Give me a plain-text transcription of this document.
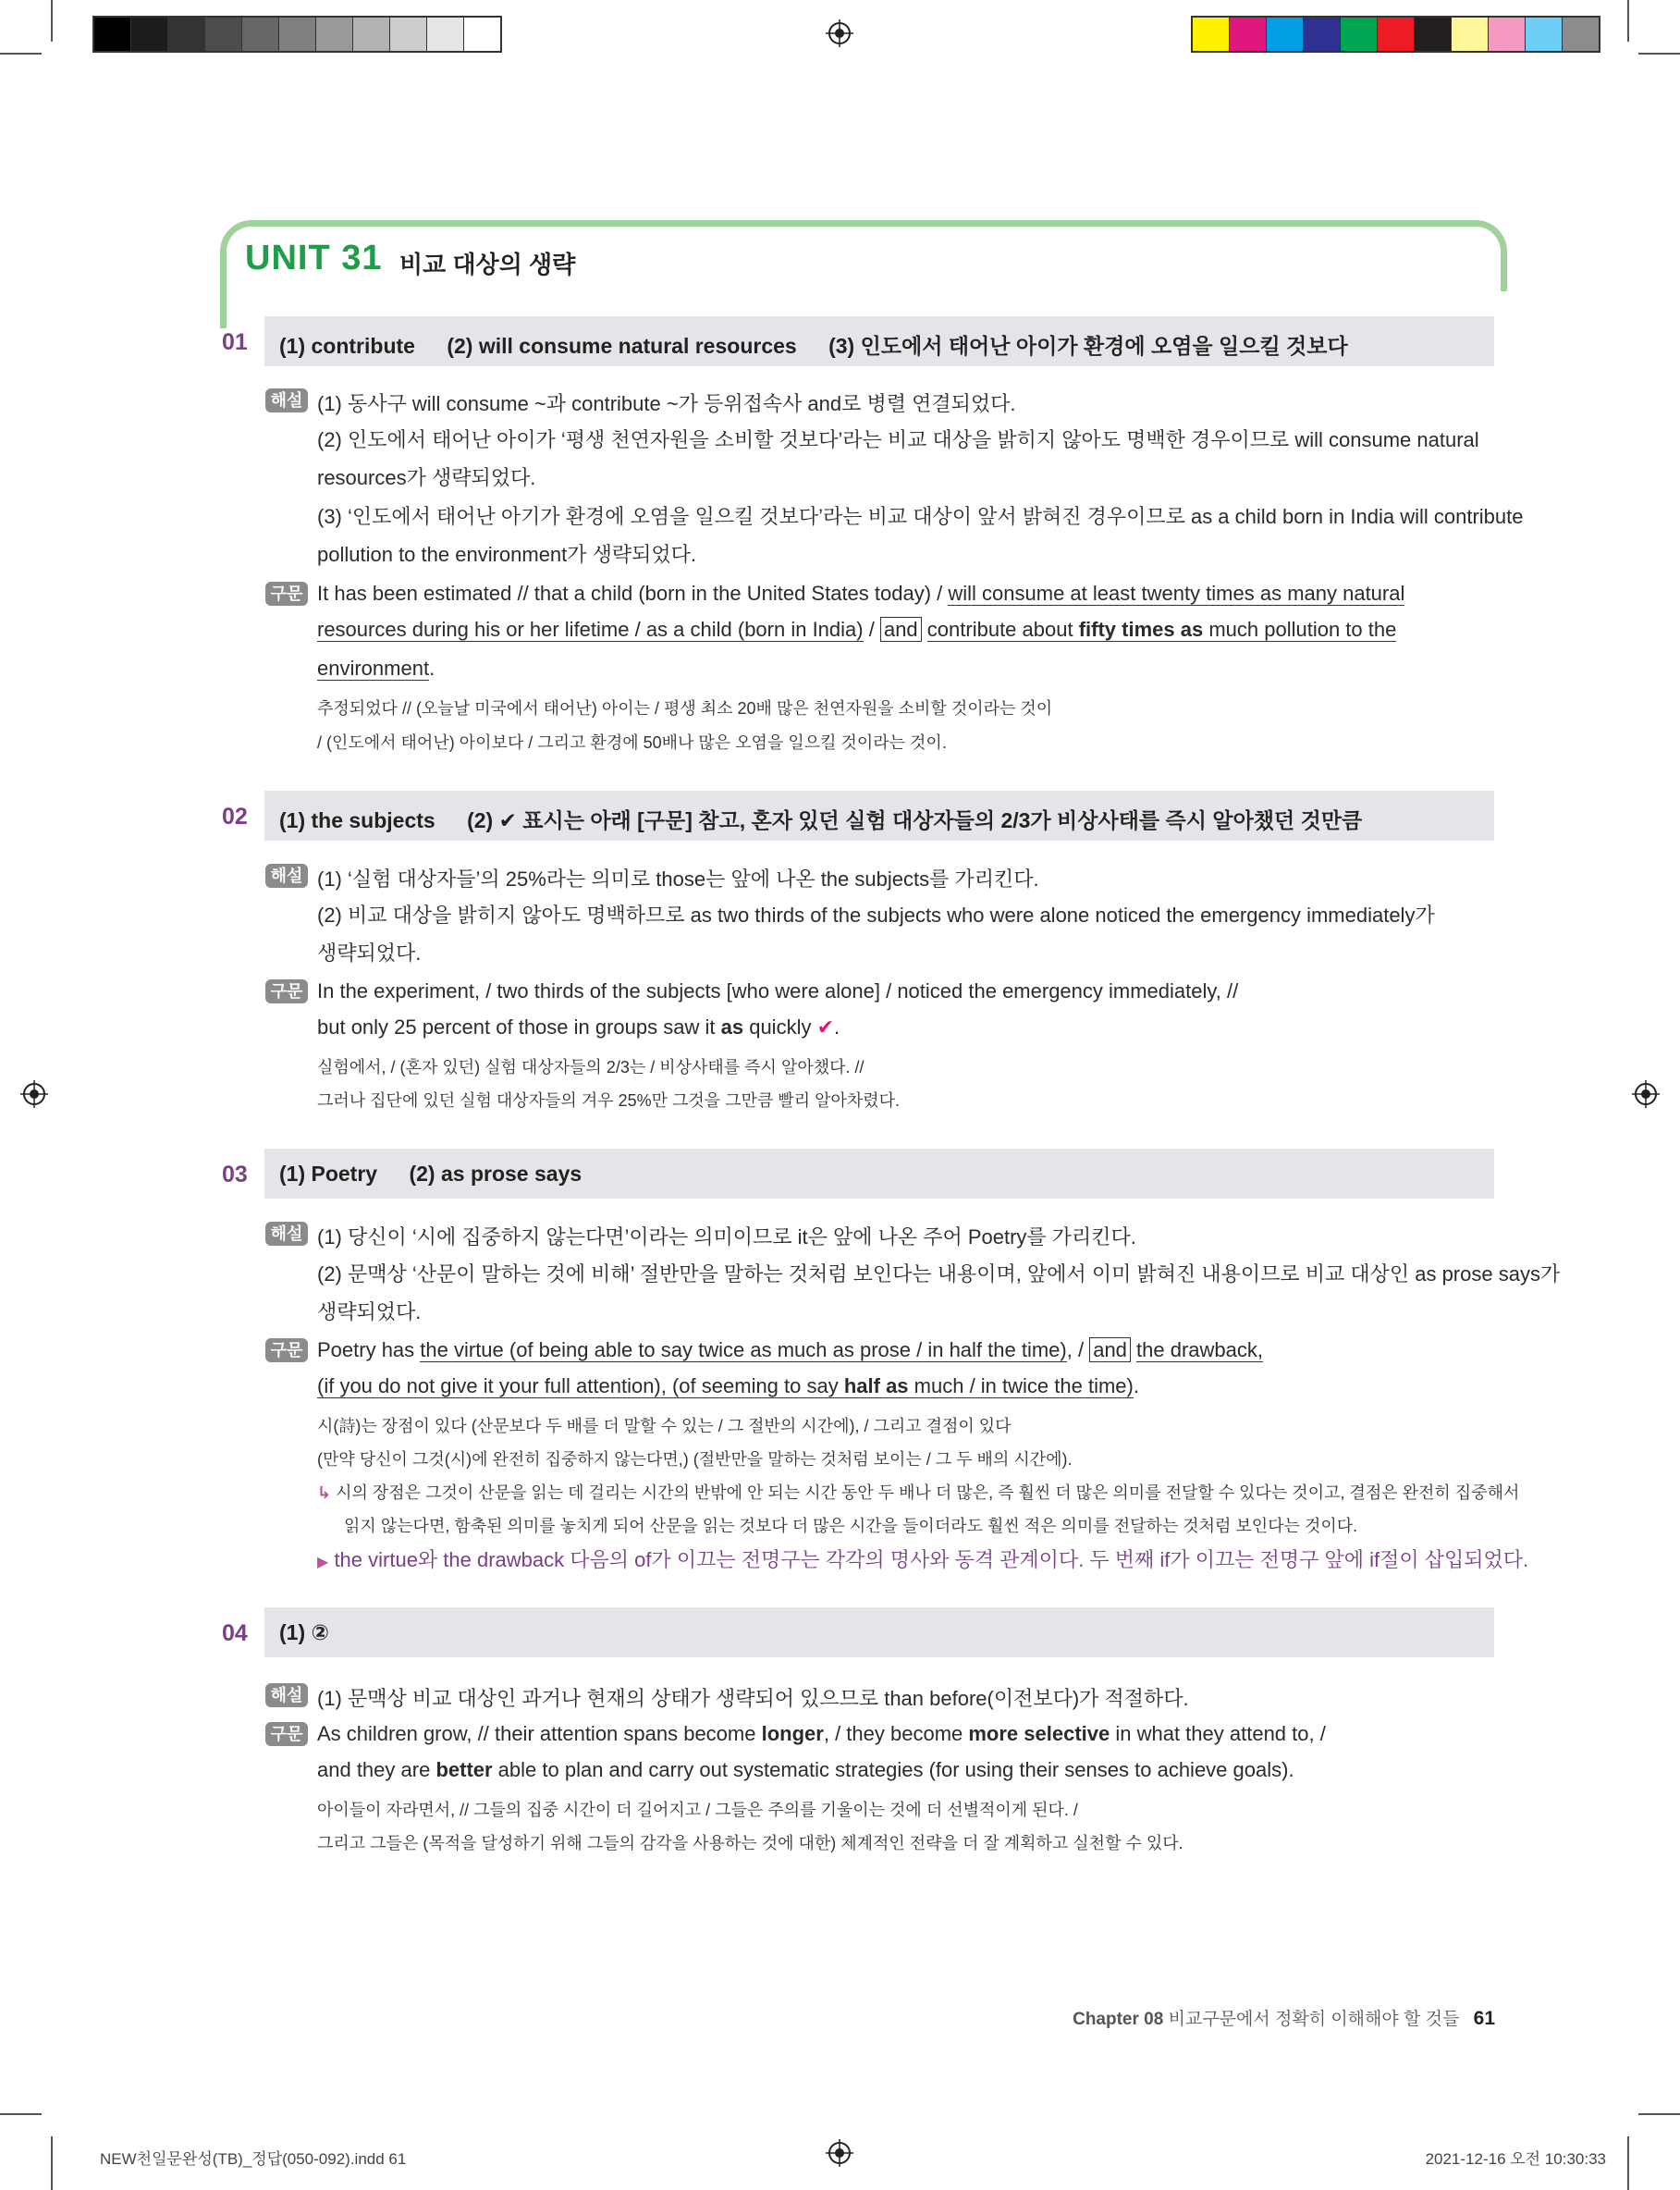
UNIT 31 비교 대상의 생략
01 (1) contribute (2) will consume natural resources (3) 인도에서 태어난 아이가 환경에 오염을 일으킬 것보다
해설 (1) 동사구 will consume ~과 contribute ~가 등위접속사 and로 병렬 연결되었다.
(2) 인도에서 태어난 아이가 ‘평생 천연자원을 소비할 것보다’라는 비교 대상을 밝히지 않아도 명백한 경우이므로 will consume natural
resources가 생략되었다.
(3) ‘인도에서 태어난 아기가 환경에 오염을 일으킬 것보다’라는 비교 대상이 앞서 밝혀진 경우이므로 as a child born in India will contribute
pollution to the environment가 생략되었다.
구문 It has been estimated // that a child (born in the United States today) / will consume at least twenty times as many natural
resources during his or her lifetime / as a child (born in India) / and contribute about fifty times as much pollution to the
environment.
추정되었다 // (오늘날 미국에서 태어난) 아이는 / 평생 최소 20배 많은 천연자원을 소비할 것이라는 것이
/ (인도에서 태어난) 아이보다 / 그리고 환경에 50배나 많은 오염을 일으킬 것이라는 것이.
02 (1) the subjects (2) ✔ 표시는 아래 [구문] 참고, 혼자 있던 실험 대상자들의 2/3가 비상사태를 즉시 알아챘던 것만큼
해설 (1) ‘실험 대상자들’의 25%라는 의미로 those는 앞에 나온 the subjects를 가리킨다.
(2) 비교 대상을 밝히지 않아도 명백하므로 as two thirds of the subjects who were alone noticed the emergency immediately가
생략되었다.
구문 In the experiment, / two thirds of the subjects [who were alone] / noticed the emergency immediately, //
but only 25 percent of those in groups saw it as quickly ✔.
실험에서, / (혼자 있던) 실험 대상자들의 2/3는 / 비상사태를 즉시 알아챘다. //
그러나 집단에 있던 실험 대상자들의 겨우 25%만 그것을 그만큼 빨리 알아차렸다.
03 (1) Poetry (2) as prose says
해설 (1) 당신이 ‘시에 집중하지 않는다면’이라는 의미이므로 it은 앞에 나온 주어 Poetry를 가리킨다.
(2) 문맥상 ‘산문이 말하는 것에 비해’ 절반만을 말하는 것처럼 보인다는 내용이며, 앞에서 이미 밝혀진 내용이므로 비교 대상인 as prose says가
생략되었다.
구문 Poetry has the virtue (of being able to say twice as much as prose / in half the time), / and the drawback,
(if you do not give it your full attention), (of seeming to say half as much / in twice the time).
시(詩)는 장점이 있다 (산문보다 두 배를 더 말할 수 있는 / 그 절반의 시간에), / 그리고 결점이 있다
(만약 당신이 그것(시)에 완전히 집중하지 않는다면,) (절반만을 말하는 것처럼 보이는 / 그 두 배의 시간에).
↳ 시의 장점은 그것이 산문을 읽는 데 걸리는 시간의 반밖에 안 되는 시간 동안 두 배나 더 많은, 즉 훨씬 더 많은 의미를 전달할 수 있다는 것이고, 결점은 완전히 집중해서
읽지 않는다면, 함축된 의미를 놓치게 되어 산문을 읽는 것보다 더 많은 시간을 들이더라도 훨씬 적은 의미를 전달하는 것처럼 보인다는 것이다.
▶ the virtue와 the drawback 다음의 of가 이끄는 전명구는 각각의 명사와 동격 관계이다. 두 번째 if가 이끄는 전명구 앞에 if절이 삽입되었다.
04 (1) ②
해설 (1) 문맥상 비교 대상인 과거나 현재의 상태가 생략되어 있으므로 than before(이전보다)가 적절하다.
구문 As children grow, // their attention spans become longer, / they become more selective in what they attend to, /
and they are better able to plan and carry out systematic strategies (for using their senses to achieve goals).
아이들이 자라면서, // 그들의 집중 시간이 더 길어지고 / 그들은 주의를 기울이는 것에 더 선별적이게 된다. /
그리고 그들은 (목적을 달성하기 위해 그들의 감각을 사용하는 것에 대한) 체계적인 전략을 더 잘 계획하고 실천할 수 있다.
Chapter 08 비교구문에서 정확히 이해해야 할 것들 61
NEW천일문완성(TB)_정답(050-092).indd 61	2021-12-16 오전 10:30:33
